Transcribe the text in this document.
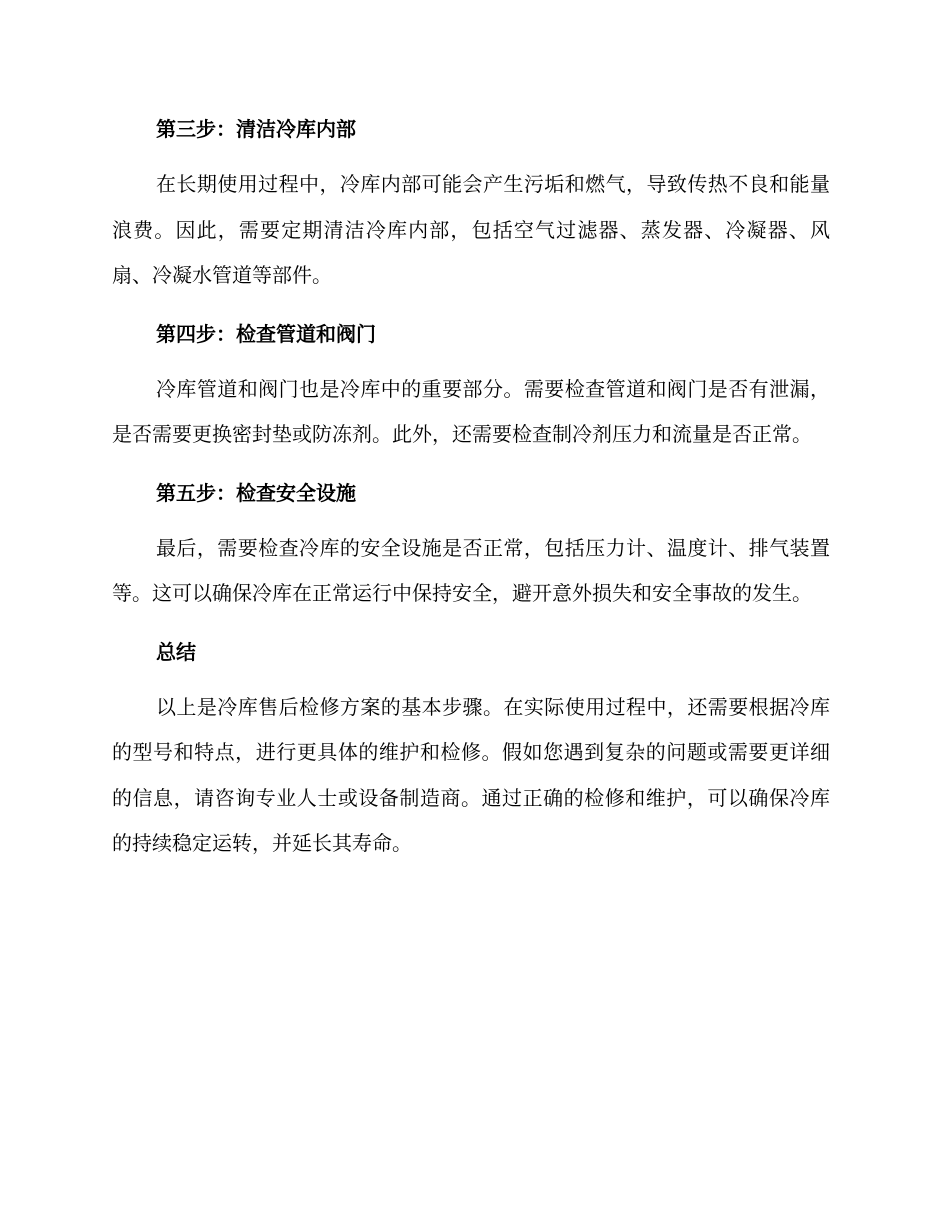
第三步：清洁冷库内部

在长期使用过程中，冷库内部可能会产生污垢和燃气，导致传热不良和能量浪费。因此，需要定期清洁冷库内部，包括空气过滤器、蒸发器、冷凝器、风扇、冷凝水管道等部件。

第四步：检查管道和阀门

冷库管道和阀门也是冷库中的重要部分。需要检查管道和阀门是否有泄漏，是否需要更换密封垫或防冻剂。此外，还需要检查制冷剂压力和流量是否正常。

第五步：检查安全设施

最后，需要检查冷库的安全设施是否正常，包括压力计、温度计、排气装置等。这可以确保冷库在正常运行中保持安全，避开意外损失和安全事故的发生。

总结

以上是冷库售后检修方案的基本步骤。在实际使用过程中，还需要根据冷库的型号和特点，进行更具体的维护和检修。假如您遇到复杂的问题或需要更详细的信息，请咨询专业人士或设备制造商。通过正确的检修和维护，可以确保冷库的持续稳定运转，并延长其寿命。
